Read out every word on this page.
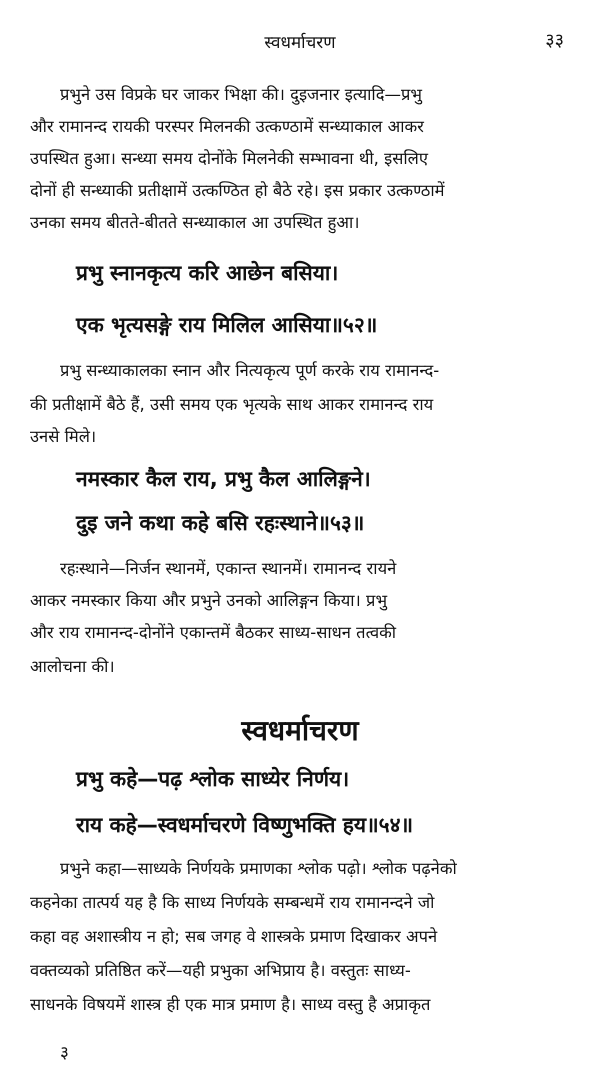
स्वधर्माचरण	३३
प्रभुने उस विप्रके घर जाकर भिक्षा की। दुइजनार इत्यादि—प्रभु
और रामानन्द रायकी परस्पर मिलनकी उत्कण्ठामें सन्ध्याकाल आकर
उपस्थित हुआ। सन्ध्या समय दोनोंके मिलनेकी सम्भावना थी, इसलिए
दोनों ही सन्ध्याकी प्रतीक्षामें उत्कण्ठित हो बैठे रहे। इस प्रकार उत्कण्ठामें
उनका समय बीतते-बीतते सन्ध्याकाल आ उपस्थित हुआ।
प्रभु स्नानकृत्य करि आछेन बसिया।
एक भृत्यसङ्गे राय मिलिल आसिया॥५२॥
प्रभु सन्ध्याकालका स्नान और नित्यकृत्य पूर्ण करके राय रामानन्द-
की प्रतीक्षामें बैठे हैं, उसी समय एक भृत्यके साथ आकर रामानन्द राय
उनसे मिले।
नमस्कार कैल राय, प्रभु कैल आलिङ्गने।
दुइ जने कथा कहे बसि रहःस्थाने॥५३॥
रहःस्थाने—निर्जन स्थानमें, एकान्त स्थानमें। रामानन्द रायने
आकर नमस्कार किया और प्रभुने उनको आलिङ्गन किया। प्रभु
और राय रामानन्द-दोनोंने एकान्तमें बैठकर साध्य-साधन तत्वकी
आलोचना की।
स्वधर्माचरण
प्रभु कहे—पढ़ श्लोक साध्येर निर्णय।
राय कहे—स्वधर्माचरणे विष्णुभक्ति हय॥५४॥
प्रभुने कहा—साध्यके निर्णयके प्रमाणका श्लोक पढ़ो। श्लोक पढ़नेको
कहनेका तात्पर्य यह है कि साध्य निर्णयके सम्बन्धमें राय रामानन्दने जो
कहा वह अशास्त्रीय न हो; सब जगह वे शास्त्रके प्रमाण दिखाकर अपने
वक्तव्यको प्रतिष्ठित करें—यही प्रभुका अभिप्राय है। वस्तुतः साध्य-
साधनके विषयमें शास्त्र ही एक मात्र प्रमाण है। साध्य वस्तु है अप्राकृत
३
